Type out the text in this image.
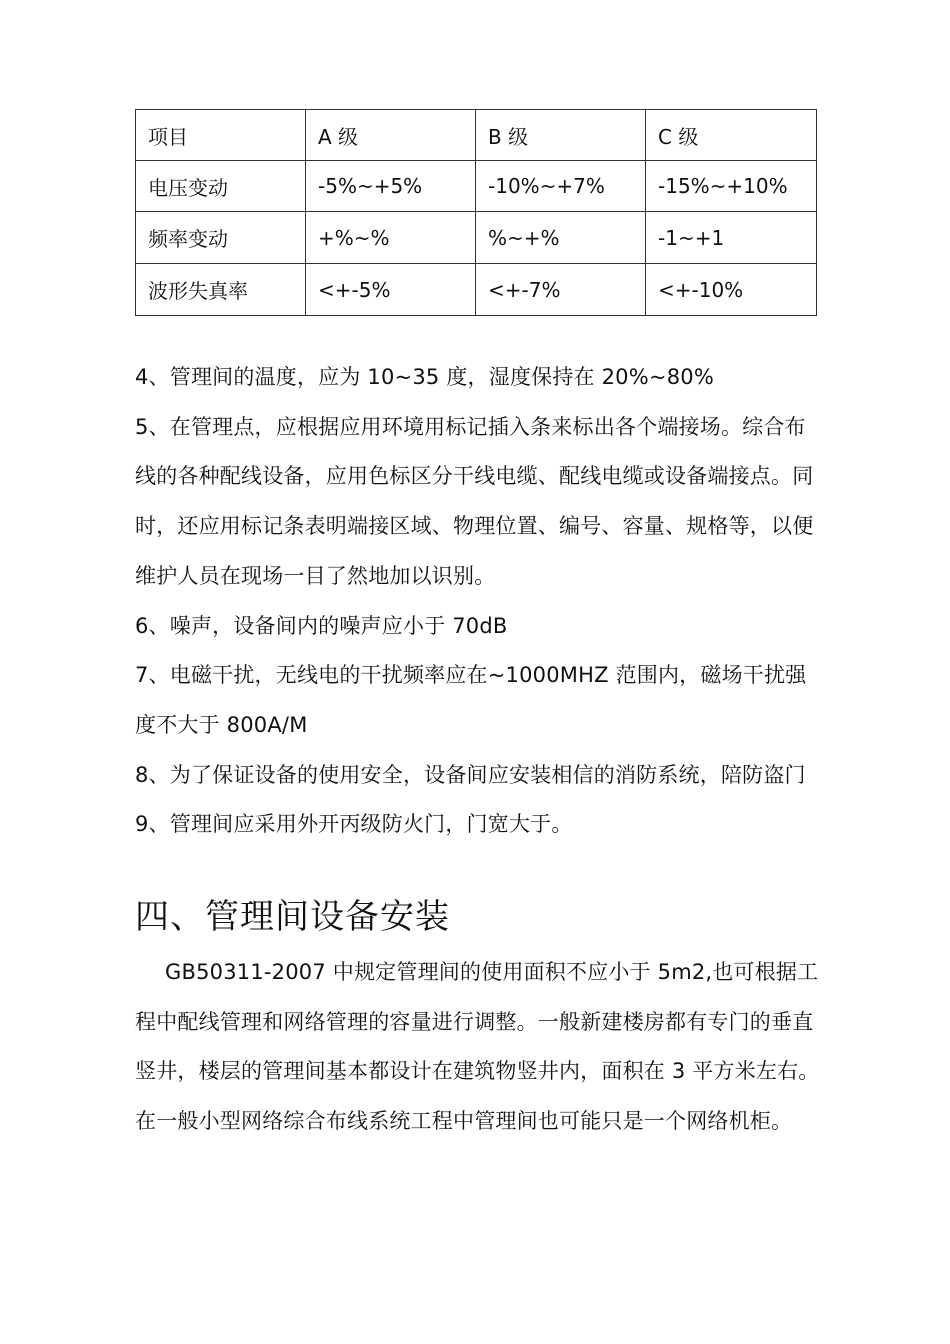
项目	A 级	B 级	C 级
电压变动	-5%~+5%	-10%~+7%	-15%~+10%
频率变动	+%~%	%~+%	-1~+1
波形失真率	<+-5%	<+-7%	<+-10%

4、管理间的温度，应为 10~35 度，湿度保持在 20%~80%

5、在管理点，应根据应用环境用标记插入条来标出各个端接场。综合布线的各种配线设备，应用色标区分干线电缆、配线电缆或设备端接点。同时，还应用标记条表明端接区域、物理位置、编号、容量、规格等，以便维护人员在现场一目了然地加以识别。

6、噪声，设备间内的噪声应小于 70dB

7、电磁干扰，无线电的干扰频率应在~1000MHZ 范围内，磁场干扰强度不大于 800A/M

8、为了保证设备的使用安全，设备间应安装相信的消防系统，陪防盗门

9、管理间应采用外开丙级防火门，门宽大于。

四、管理间设备安装

GB50311-2007 中规定管理间的使用面积不应小于 5m2,也可根据工程中配线管理和网络管理的容量进行调整。一般新建楼房都有专门的垂直竖井，楼层的管理间基本都设计在建筑物竖井内，面积在 3 平方米左右。在一般小型网络综合布线系统工程中管理间也可能只是一个网络机柜。
